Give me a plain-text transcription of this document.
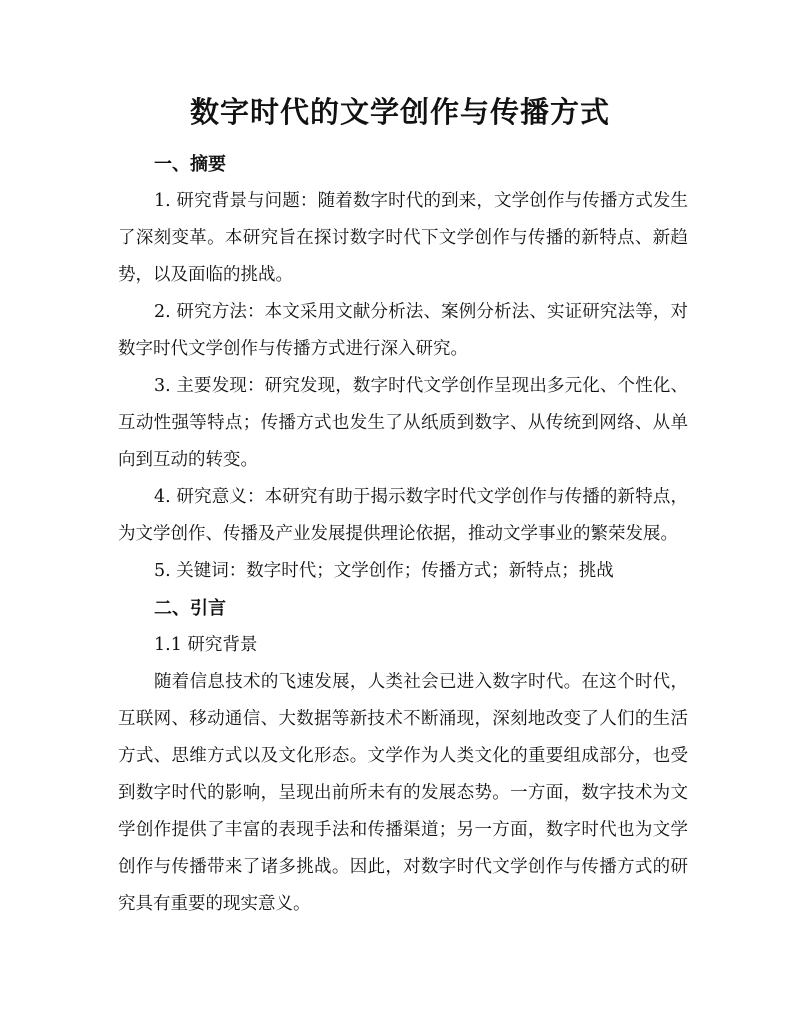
数字时代的文学创作与传播方式

一、摘要

1. 研究背景与问题：随着数字时代的到来，文学创作与传播方式发生了深刻变革。本研究旨在探讨数字时代下文学创作与传播的新特点、新趋势，以及面临的挑战。

2. 研究方法：本文采用文献分析法、案例分析法、实证研究法等，对数字时代文学创作与传播方式进行深入研究。

3. 主要发现：研究发现，数字时代文学创作呈现出多元化、个性化、互动性强等特点；传播方式也发生了从纸质到数字、从传统到网络、从单向到互动的转变。

4. 研究意义：本研究有助于揭示数字时代文学创作与传播的新特点，为文学创作、传播及产业发展提供理论依据，推动文学事业的繁荣发展。

5. 关键词：数字时代；文学创作；传播方式；新特点；挑战

二、引言

1.1 研究背景

随着信息技术的飞速发展，人类社会已进入数字时代。在这个时代，互联网、移动通信、大数据等新技术不断涌现，深刻地改变了人们的生活方式、思维方式以及文化形态。文学作为人类文化的重要组成部分，也受到数字时代的影响，呈现出前所未有的发展态势。一方面，数字技术为文学创作提供了丰富的表现手法和传播渠道；另一方面，数字时代也为文学创作与传播带来了诸多挑战。因此，对数字时代文学创作与传播方式的研究具有重要的现实意义。
